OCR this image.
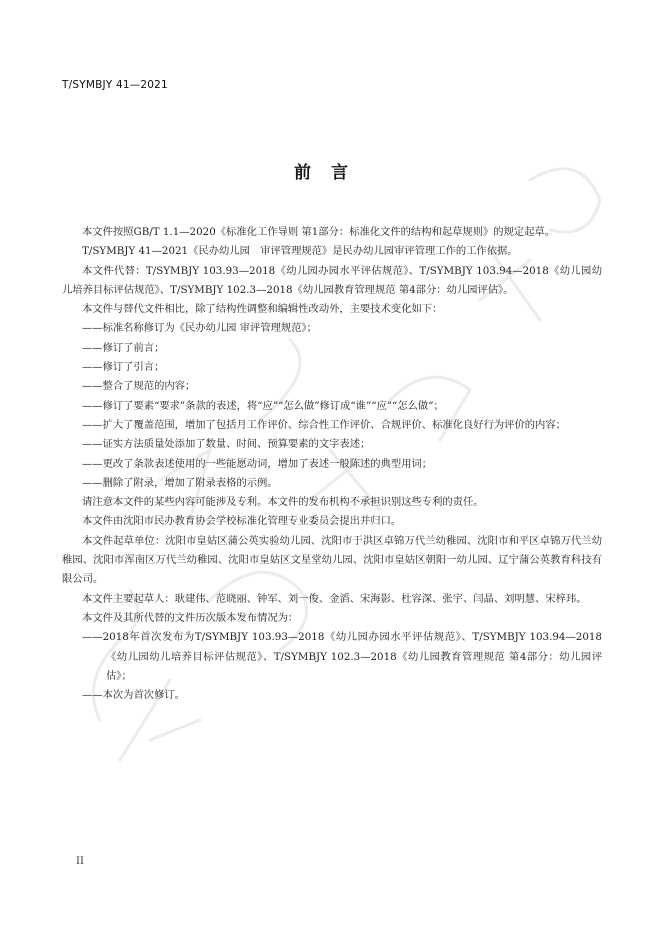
T/SYMBJY 41—2021
前言

本文件按照GB/T 1.1—2020《标准化工作导则 第1部分：标准化文件的结构和起草规则》的规定起草。

T/SYMBJY 41—2021《民办幼儿园　审评管理规范》是民办幼儿园审评管理工作的工作依据。

本文件代替：T/SYMBJY 103.93—2018《幼儿园办园水平评估规范》、T/SYMBJY 103.94—2018《幼儿园幼儿培养目标评估规范》、T/SYMBJY 102.3—2018《幼儿园教育管理规范 第4部分：幼儿园评估》。

本文件与替代文件相比，除了结构性调整和编辑性改动外，主要技术变化如下：

——标准名称修订为《民办幼儿园 审评管理规范》；

——修订了前言；

——修订了引言；

——整合了规范的内容；

——修订了要素“要求”条款的表述，将“应”“怎么做”修订成“谁”“应”“怎么做”；

——扩大了覆盖范围，增加了包括月工作评价、综合性工作评价、合规评价、标准化良好行为评价的内容；

——证实方法质量处添加了数量、时间、预算要素的文字表述；

——更改了条款表述使用的一些能愿动词，增加了表述一般陈述的典型用词；

——删除了附录，增加了附录表格的示例。

请注意本文件的某些内容可能涉及专利。本文件的发布机构不承担识别这些专利的责任。

本文件由沈阳市民办教育协会学校标准化管理专业委员会提出并归口。

本文件起草单位：沈阳市皇姑区蒲公英实验幼儿园、沈阳市于洪区卓锦万代兰幼稚园、沈阳市和平区卓锦万代兰幼稚园、沈阳市浑南区万代兰幼稚园、沈阳市皇姑区文星堂幼儿园、沈阳市皇姑区朝阳一幼儿园、辽宁蒲公英教育科技有限公司。

本文件主要起草人：耿建伟、范晓丽、钟军、刘一俊、金滔、宋海影、杜容深、张宇、闫晶、刘明慧、宋梓玮。

本文件及其所代替的文件历次版本发布情况为：

——2018年首次发布为T/SYMBJY 103.93—2018《幼儿园办园水平评估规范》、T/SYMBJY 103.94—2018《幼儿园幼儿培养目标评估规范》、T/SYMBJY 102.3—2018《幼儿园教育管理规范 第4部分：幼儿园评估》；

——本次为首次修订。

II
